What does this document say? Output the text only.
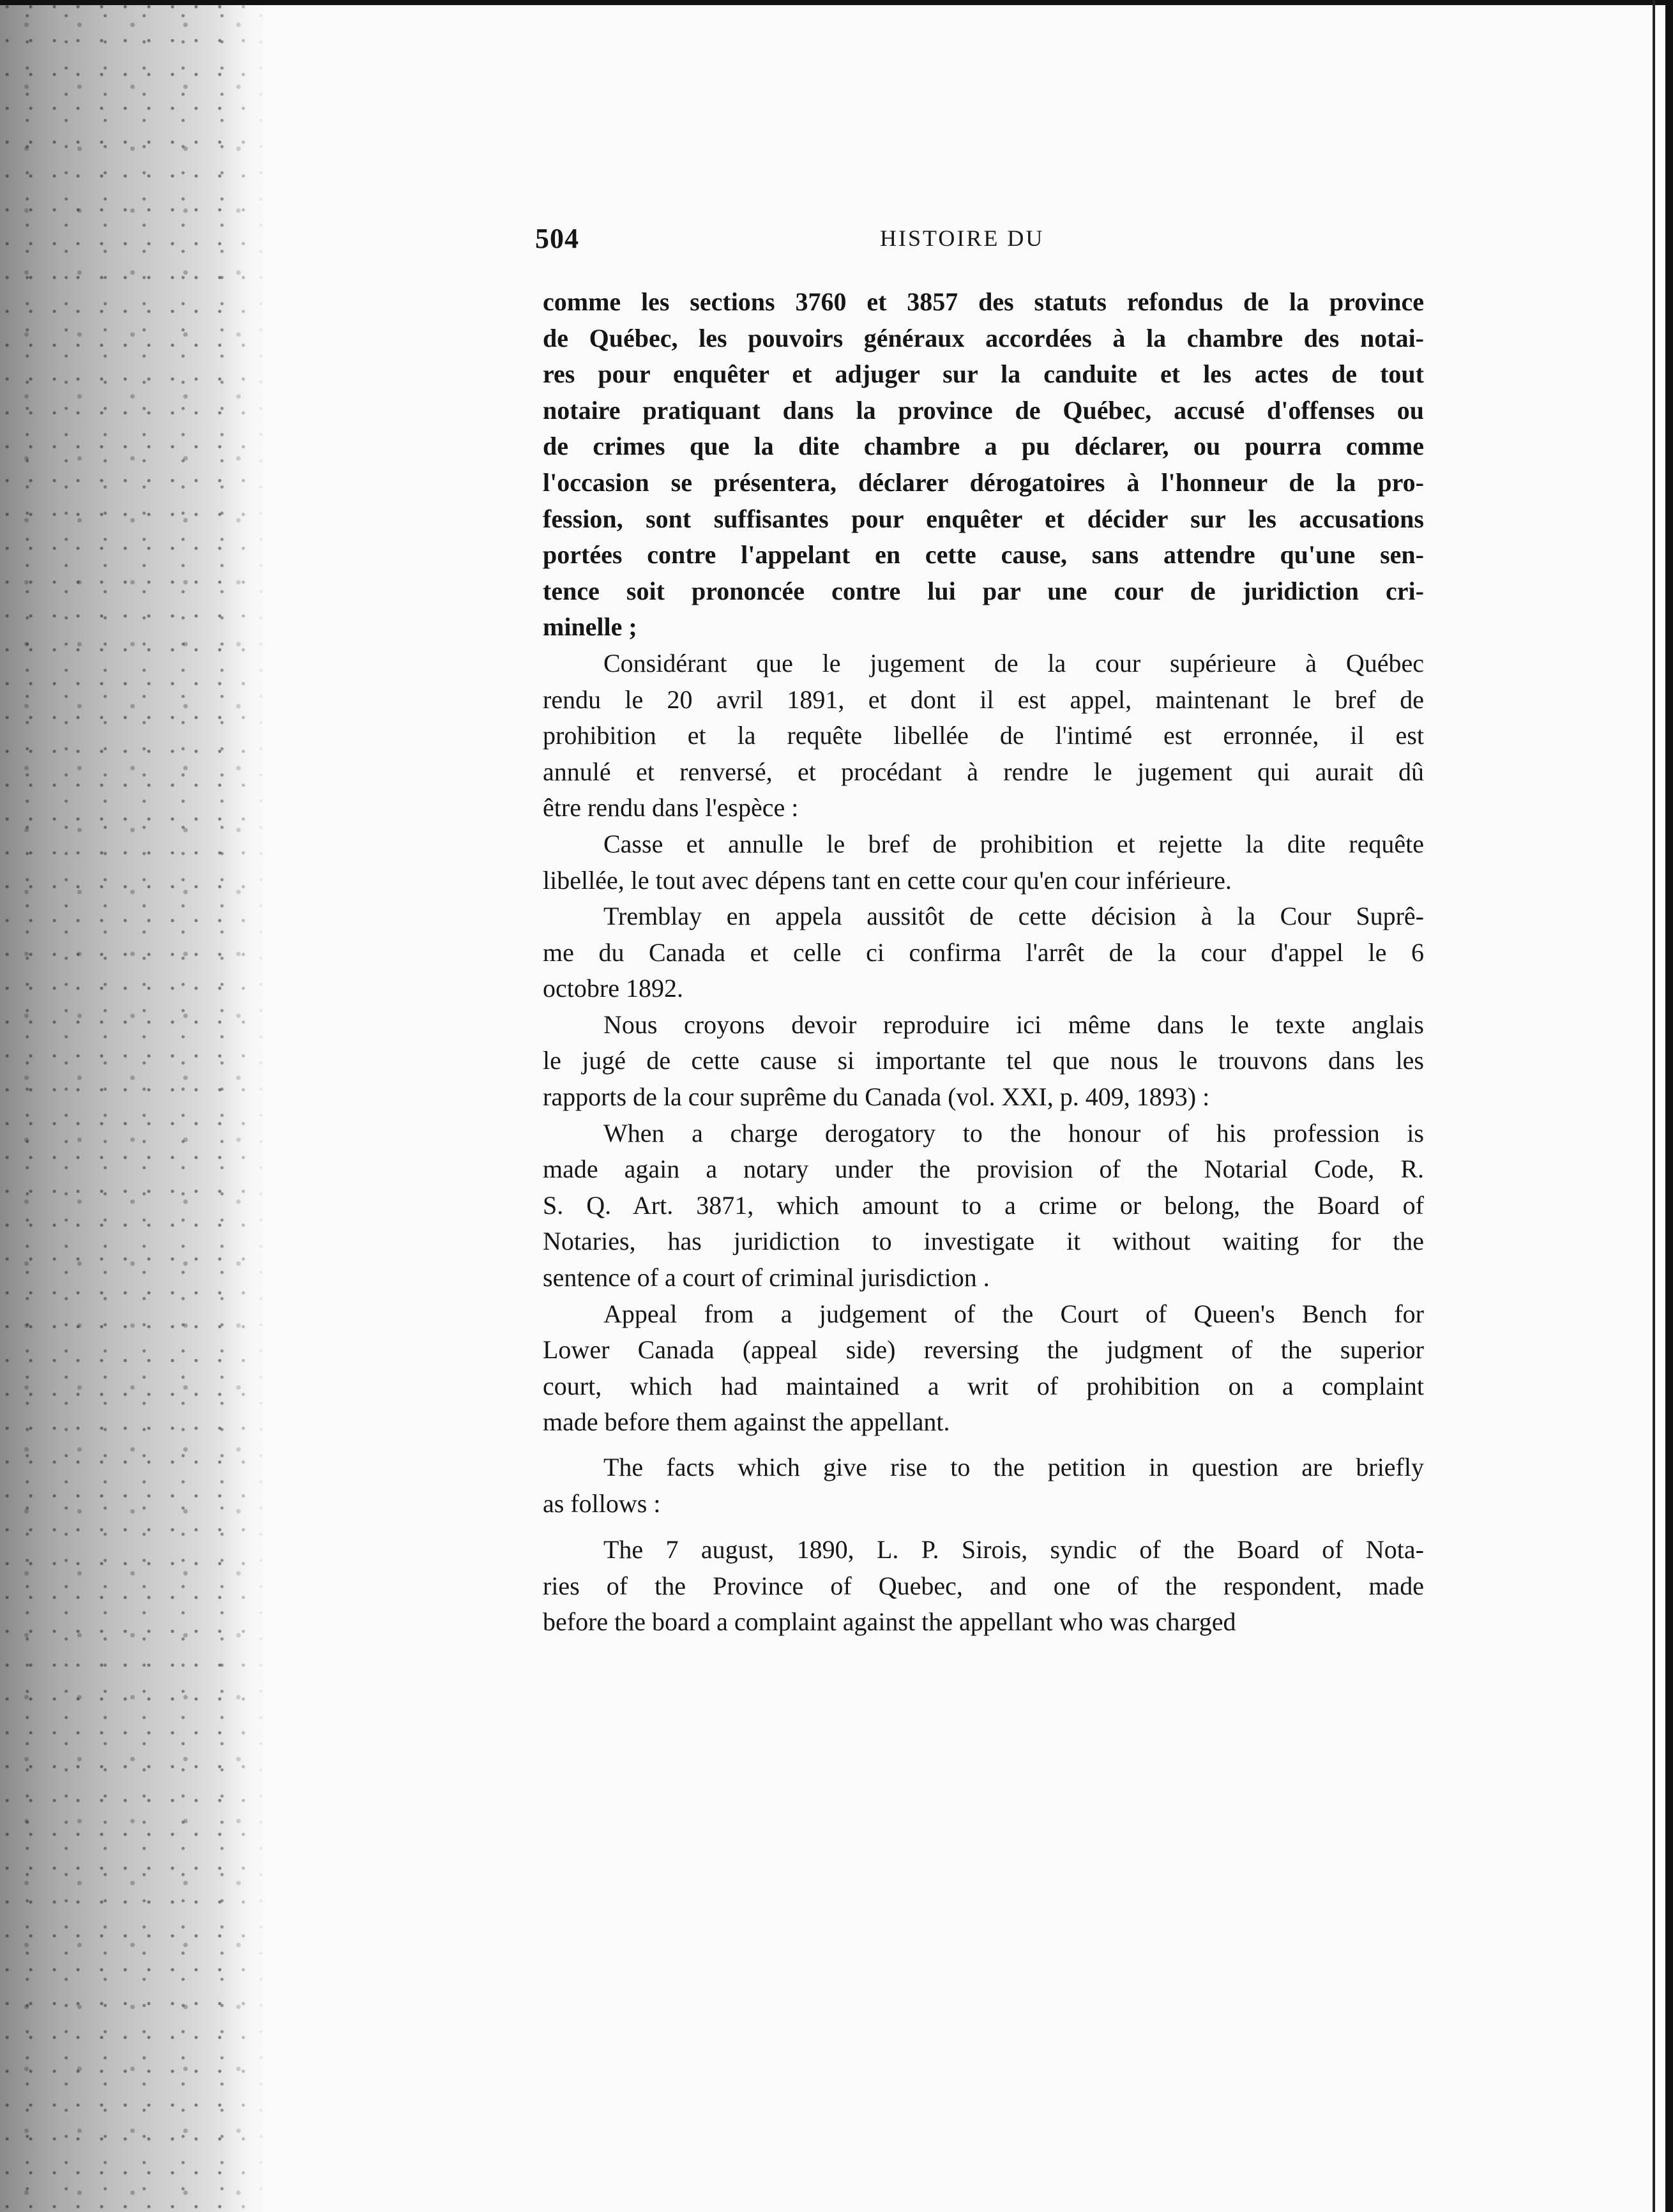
504	HISTOIRE DU
comme les sections 3760 et 3857 des statuts refondus de la province
de Québec, les pouvoirs généraux accordées à la chambre des notai-
res pour enquêter et adjuger sur la canduite et les actes de tout
notaire pratiquant dans la province de Québec, accusé d'offenses ou
de crimes que la dite chambre a pu déclarer, ou pourra comme
l'occasion se présentera, déclarer dérogatoires à l'honneur de la pro-
fession, sont suffisantes pour enquêter et décider sur les accusations
portées contre l'appelant en cette cause, sans attendre qu'une sen-
tence soit prononcée contre lui par une cour de juridiction cri-
minelle ;
Considérant que le jugement de la cour supérieure à Québec
rendu le 20 avril 1891, et dont il est appel, maintenant le bref de
prohibition et la requête libellée de l'intimé est erronnée, il est
annulé et renversé, et procédant à rendre le jugement qui aurait dû
être rendu dans l'espèce :
Casse et annulle le bref de prohibition et rejette la dite requête
libellée, le tout avec dépens tant en cette cour qu'en cour inférieure.
Tremblay en appela aussitôt de cette décision à la Cour Suprê-
me du Canada et celle ci confirma l'arrêt de la cour d'appel le 6
octobre 1892.
Nous croyons devoir reproduire ici même dans le texte anglais
le jugé de cette cause si importante tel que nous le trouvons dans les
rapports de la cour suprême du Canada (vol. XXI, p. 409, 1893) :
When a charge derogatory to the honour of his profession is
made again a notary under the provision of the Notarial Code, R.
S. Q. Art. 3871, which amount to a crime or belong, the Board of
Notaries, has juridiction to investigate it without waiting for the
sentence of a court of criminal jurisdiction .
Appeal from a judgement of the Court of Queen's Bench for
Lower Canada (appeal side) reversing the judgment of the superior
court, which had maintained a writ of prohibition on a complaint
made before them against the appellant.
The facts which give rise to the petition in question are briefly
as follows :
The 7 august, 1890, L. P. Sirois, syndic of the Board of Nota-
ries of the Province of Quebec, and one of the respondent, made
before the board a complaint against the appellant who was charged
